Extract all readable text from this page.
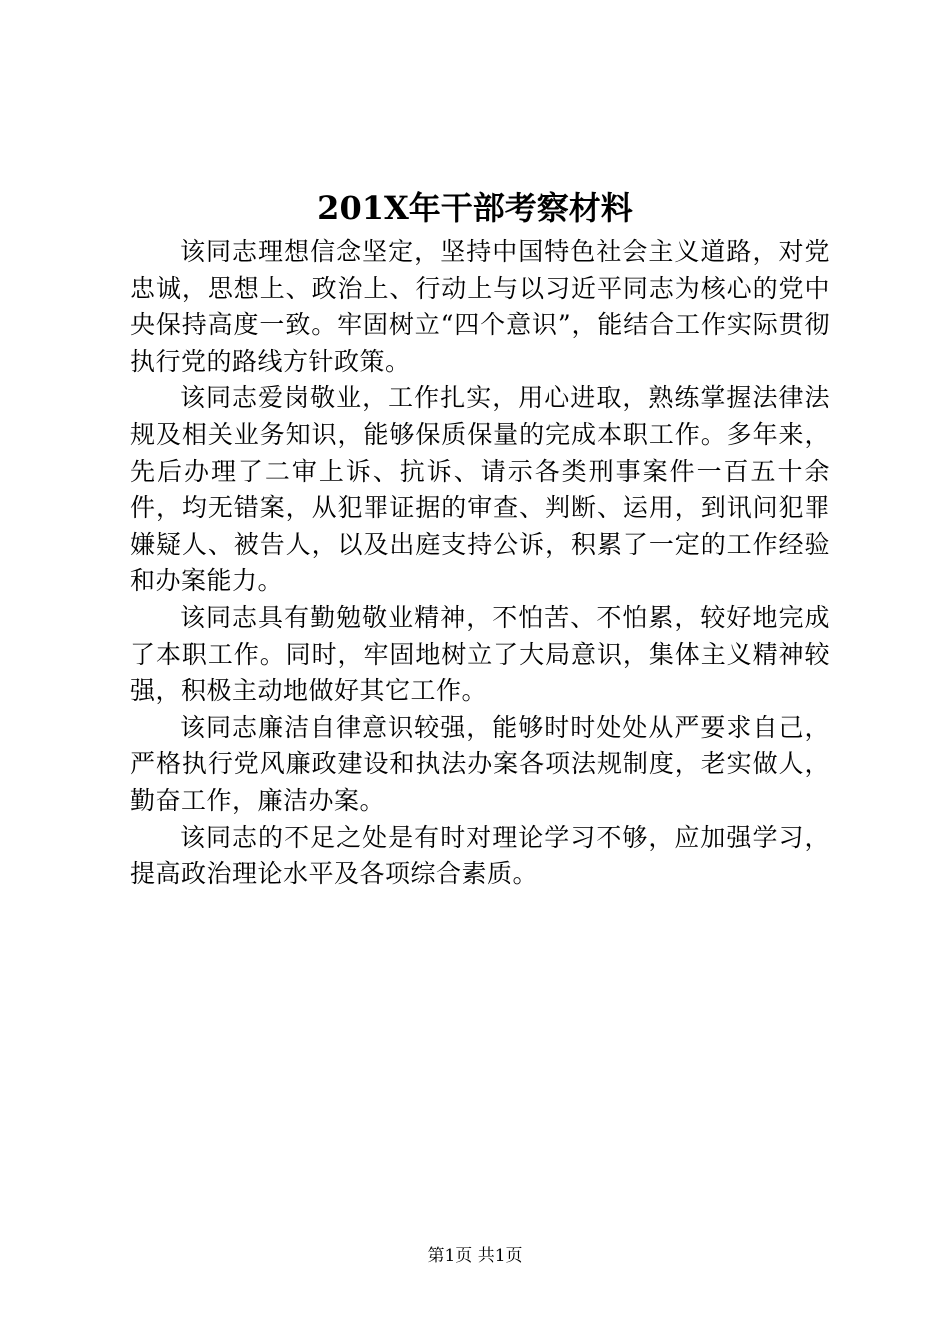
201X年干部考察材料

该同志理想信念坚定，坚持中国特色社会主义道路，对党忠诚，思想上、政治上、行动上与以习近平同志为核心的党中央保持高度一致。牢固树立“四个意识”，能结合工作实际贯彻执行党的路线方针政策。

该同志爱岗敬业，工作扎实，用心进取，熟练掌握法律法规及相关业务知识，能够保质保量的完成本职工作。多年来，先后办理了二审上诉、抗诉、请示各类刑事案件一百五十余件，均无错案，从犯罪证据的审查、判断、运用，到讯问犯罪嫌疑人、被告人，以及出庭支持公诉，积累了一定的工作经验和办案能力。

该同志具有勤勉敬业精神，不怕苦、不怕累，较好地完成了本职工作。同时，牢固地树立了大局意识，集体主义精神较强，积极主动地做好其它工作。

该同志廉洁自律意识较强，能够时时处处从严要求自己，严格执行党风廉政建设和执法办案各项法规制度，老实做人，勤奋工作，廉洁办案。

该同志的不足之处是有时对理论学习不够，应加强学习，提高政治理论水平及各项综合素质。

第1页 共1页
